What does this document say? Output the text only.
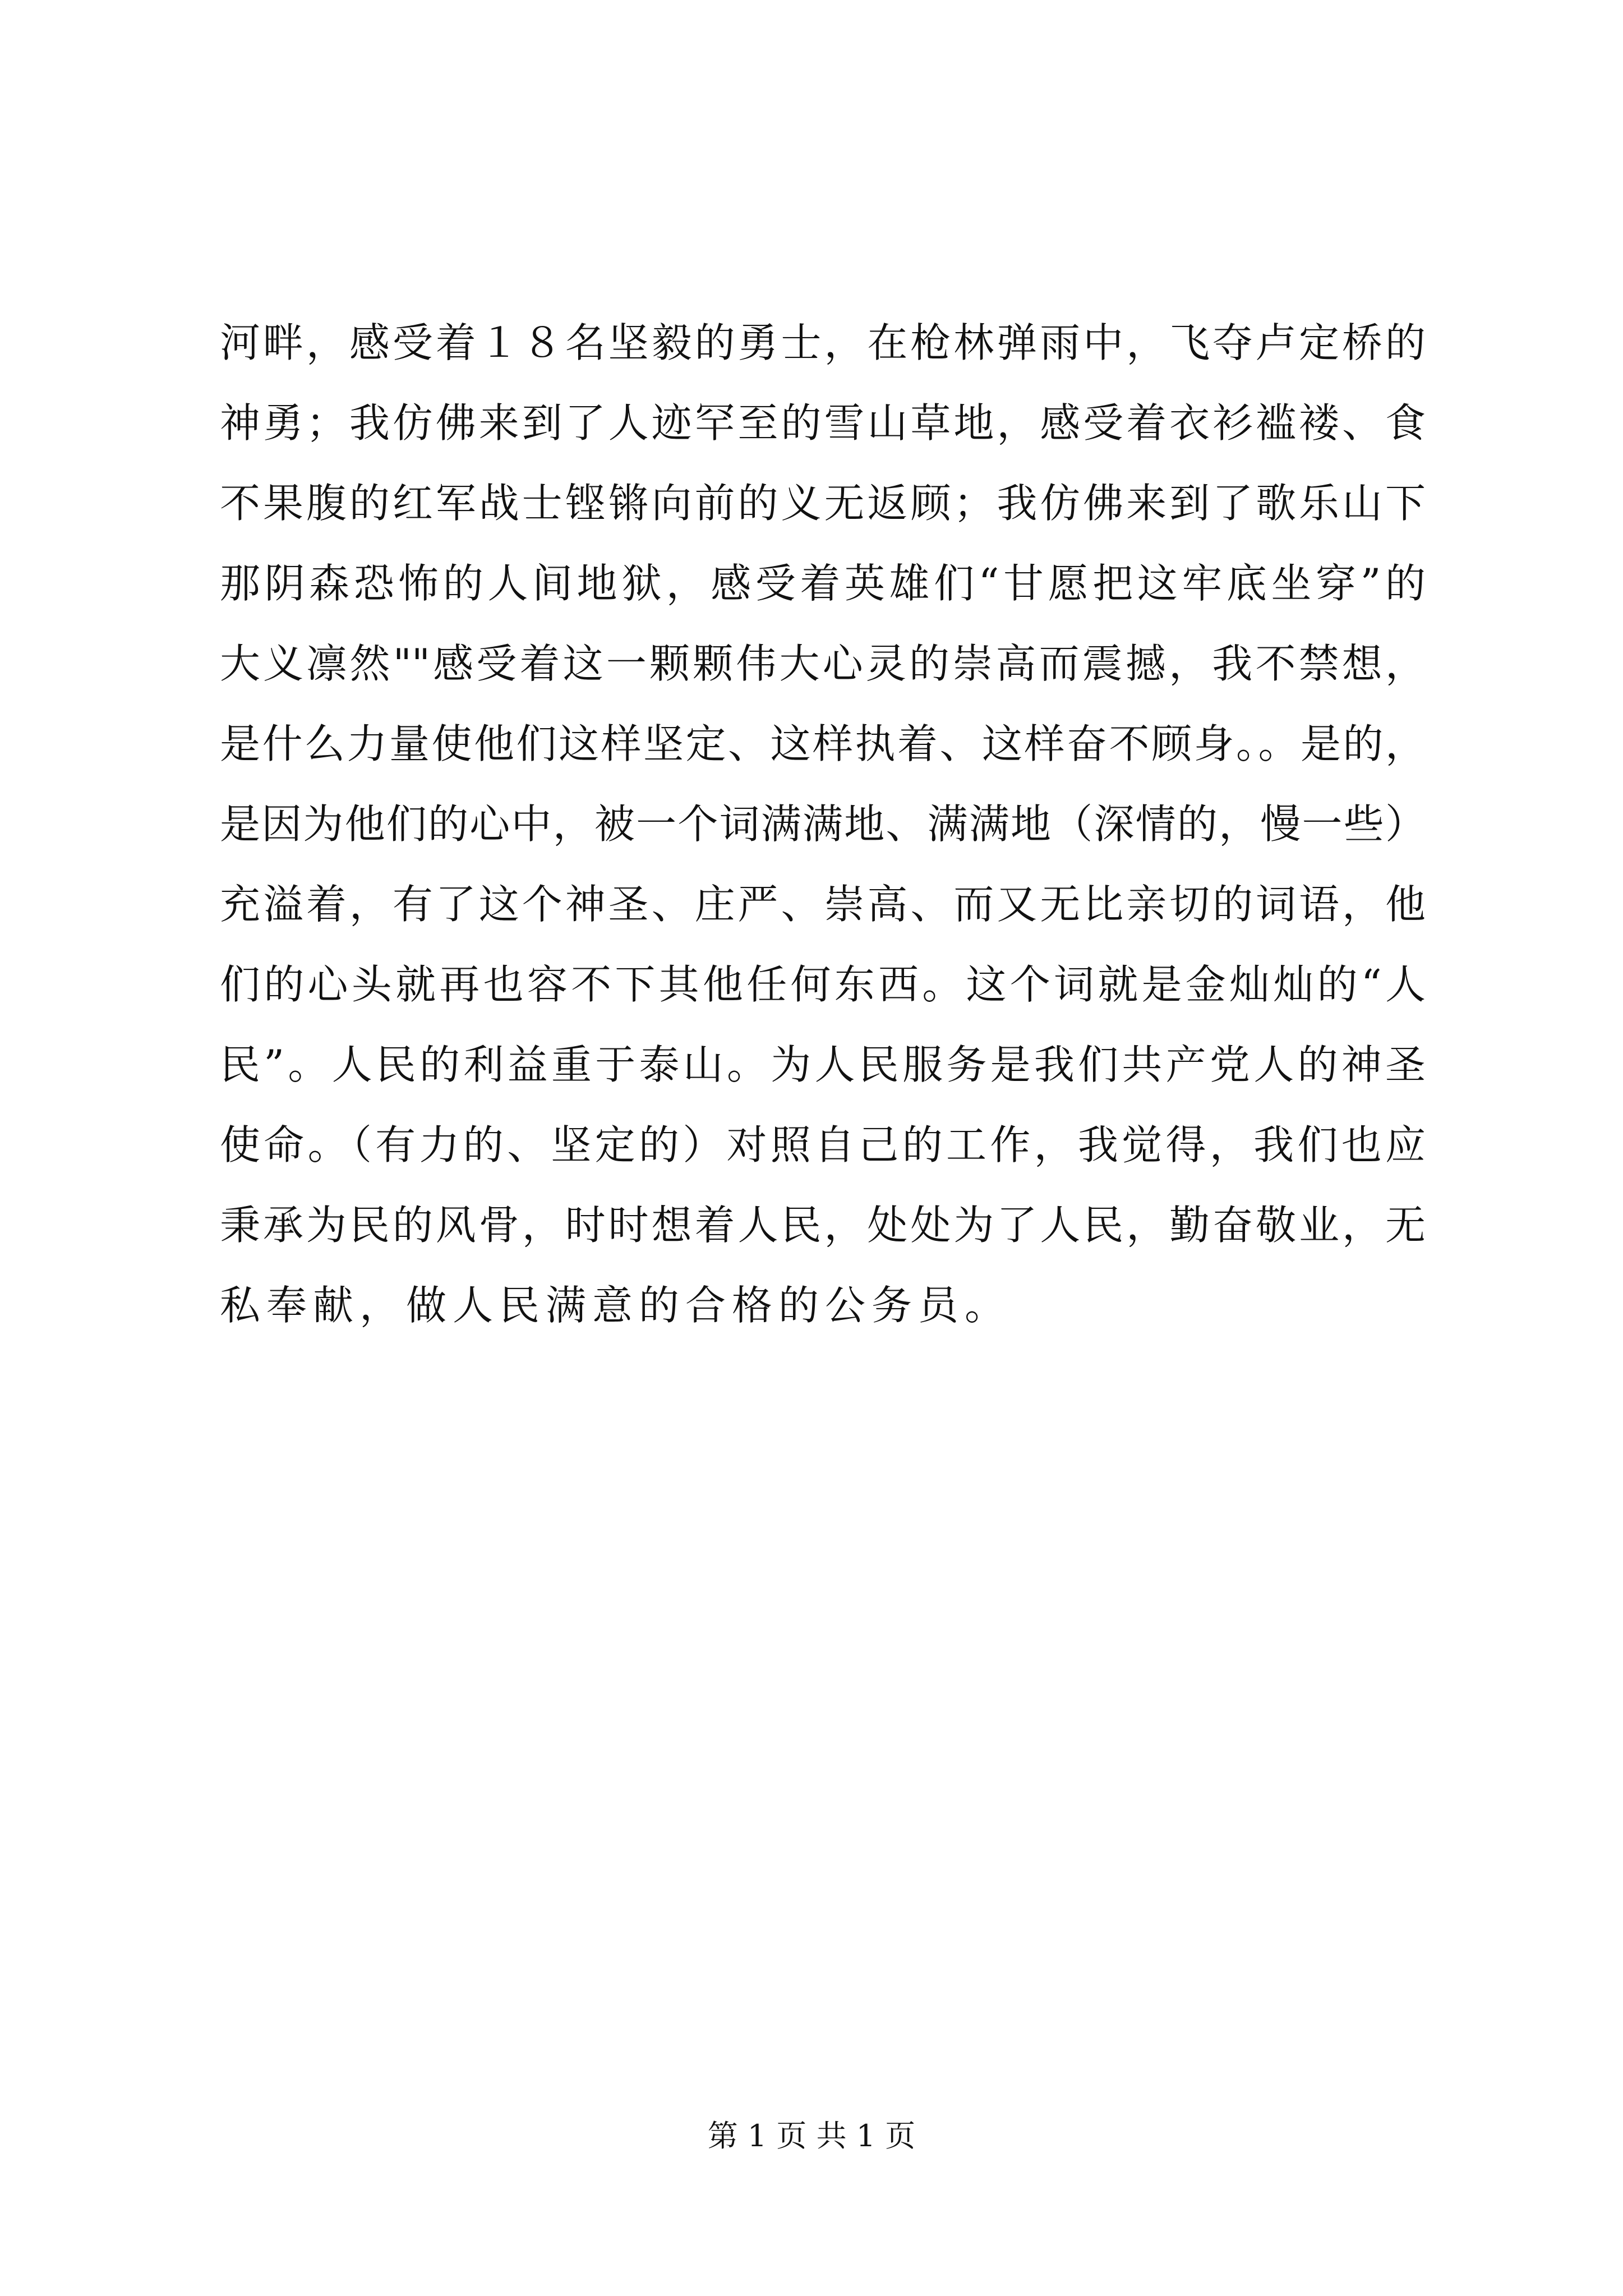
河畔，感受着１８名坚毅的勇士，在枪林弹雨中，飞夺卢定桥的
神勇；我仿佛来到了人迹罕至的雪山草地，感受着衣衫褴褛、食
不果腹的红军战士铿锵向前的义无返顾；我仿佛来到了歌乐山下
那阴森恐怖的人间地狱，感受着英雄们“甘愿把这牢底坐穿”的
大义凛然""感受着这一颗颗伟大心灵的崇高而震撼，我不禁想，
是什么力量使他们这样坚定、这样执着、这样奋不顾身。。是的，
是因为他们的心中，被一个词满满地、满满地（深情的，慢一些）
充溢着，有了这个神圣、庄严、崇高、而又无比亲切的词语，他
们的心头就再也容不下其他任何东西。这个词就是金灿灿的“人
民”。人民的利益重于泰山。为人民服务是我们共产党人的神圣
使命。（有力的、坚定的）对照自己的工作，我觉得，我们也应
秉承为民的风骨，时时想着人民，处处为了人民，勤奋敬业，无
私奉献，做人民满意的合格的公务员。
第 1 页 共 1 页
